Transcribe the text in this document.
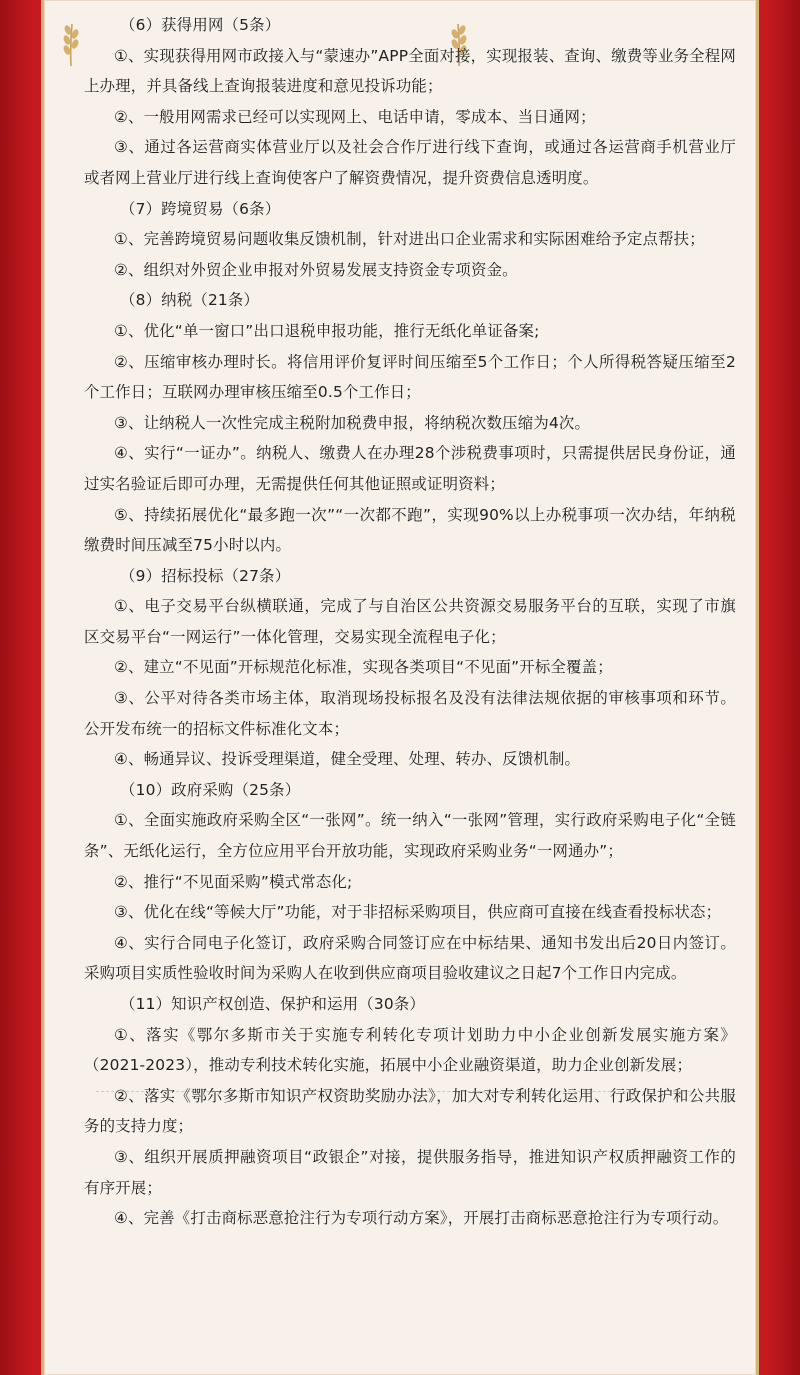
（6）获得用网（5条）

①、实现获得用网市政接入与“蒙速办”APP全面对接，实现报装、查询、缴费等业务全程网上办理，并具备线上查询报装进度和意见投诉功能；

②、一般用网需求已经可以实现网上、电话申请，零成本、当日通网；

③、通过各运营商实体营业厅以及社会合作厅进行线下查询，或通过各运营商手机营业厅或者网上营业厅进行线上查询使客户了解资费情况，提升资费信息透明度。

（7）跨境贸易（6条）

①、完善跨境贸易问题收集反馈机制，针对进出口企业需求和实际困难给予定点帮扶；

②、组织对外贸企业申报对外贸易发展支持资金专项资金。

（8）纳税（21条）

①、优化“单一窗口”出口退税申报功能，推行无纸化单证备案;

②、压缩审核办理时长。将信用评价复评时间压缩至5个工作日；个人所得税答疑压缩至2个工作日；互联网办理审核压缩至0.5个工作日；

③、让纳税人一次性完成主税附加税费申报，将纳税次数压缩为4次。

④、实行“一证办”。纳税人、缴费人在办理28个涉税费事项时，只需提供居民身份证，通过实名验证后即可办理，无需提供任何其他证照或证明资料；

⑤、持续拓展优化“最多跑一次”“一次都不跑”，实现90%以上办税事项一次办结，年纳税缴费时间压减至75小时以内。

（9）招标投标（27条）

①、电子交易平台纵横联通，完成了与自治区公共资源交易服务平台的互联，实现了市旗区交易平台“一网运行”一体化管理，交易实现全流程电子化；

②、建立“不见面”开标规范化标准，实现各类项目“不见面”开标全覆盖；

③、公平对待各类市场主体，取消现场投标报名及没有法律法规依据的审核事项和环节。公开发布统一的招标文件标准化文本；

④、畅通异议、投诉受理渠道，健全受理、处理、转办、反馈机制。

（10）政府采购（25条）

①、全面实施政府采购全区“一张网”。统一纳入“一张网”管理，实行政府采购电子化“全链条”、无纸化运行，全方位应用平台开放功能，实现政府采购业务“一网通办”；

②、推行“不见面采购”模式常态化;

③、优化在线“等候大厅”功能，对于非招标采购项目，供应商可直接在线查看投标状态；

④、实行合同电子化签订，政府采购合同签订应在中标结果、通知书发出后20日内签订。采购项目实质性验收时间为采购人在收到供应商项目验收建议之日起7个工作日内完成。

（11）知识产权创造、保护和运用（30条）

①、落实《鄂尔多斯市关于实施专利转化专项计划助力中小企业创新发展实施方案》（2021-2023），推动专利技术转化实施，拓展中小企业融资渠道，助力企业创新发展；

②、落实《鄂尔多斯市知识产权资助奖励办法》，加大对专利转化运用、行政保护和公共服务的支持力度；

③、组织开展质押融资项目“政银企”对接，提供服务指导，推进知识产权质押融资工作的有序开展；

④、完善《打击商标恶意抢注行为专项行动方案》，开展打击商标恶意抢注行为专项行动。
